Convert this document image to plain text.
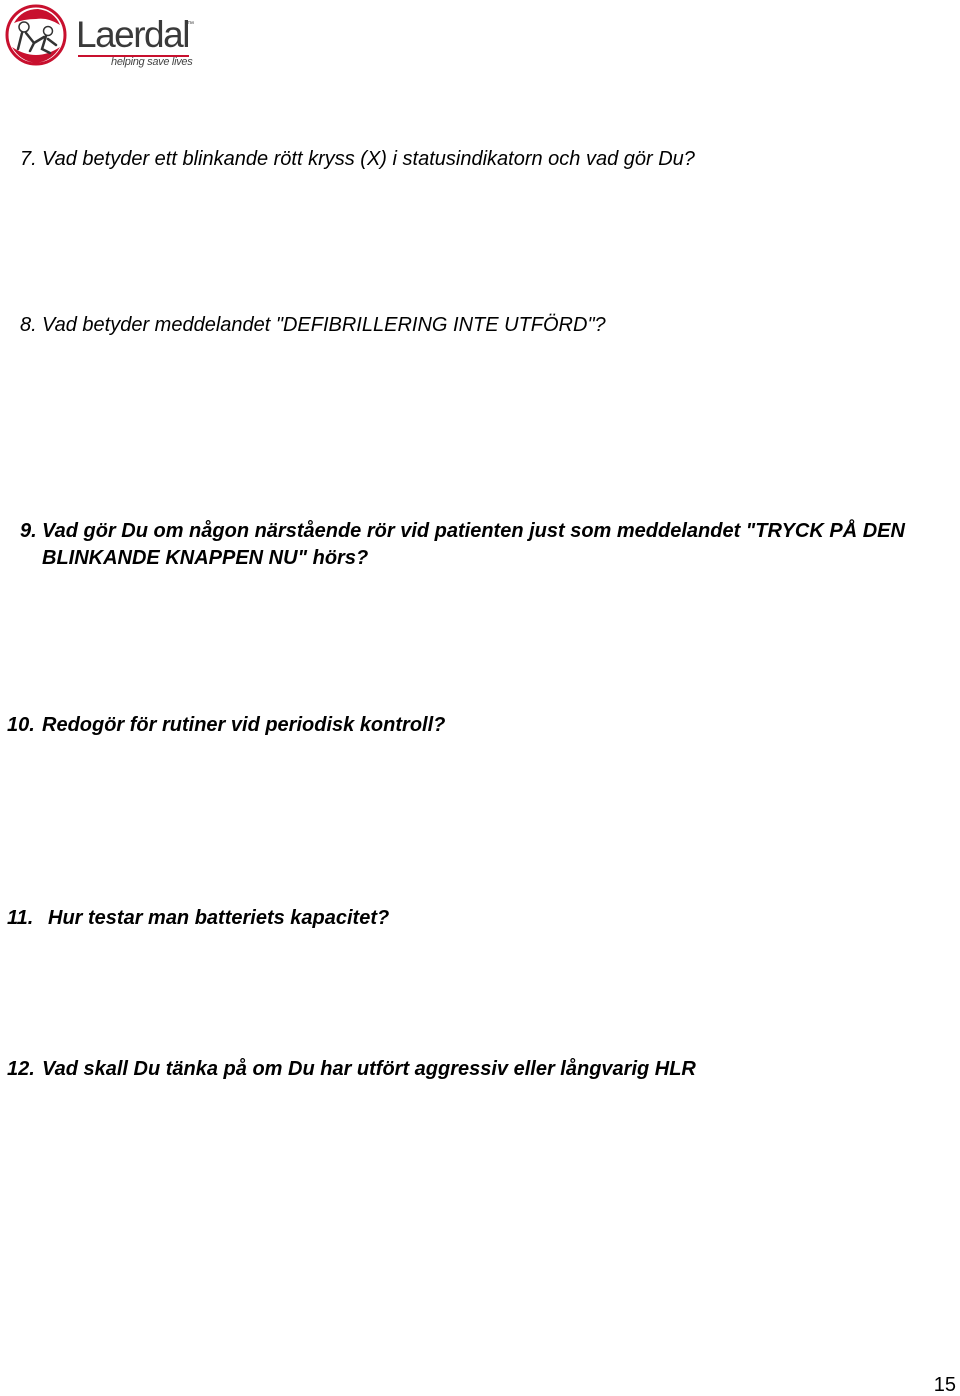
Laerdal
™
helping save lives
7. Vad betyder ett blinkande rött kryss (X) i statusindikatorn och vad gör Du?
8. Vad betyder meddelandet "DEFIBRILLERING INTE UTFÖRD"?
9. Vad gör Du om någon närstående rör vid patienten just som meddelandet "TRYCK PÅ DEN BLINKANDE KNAPPEN NU" hörs?
10. Redogör för rutiner vid periodisk kontroll?
11. Hur testar man batteriets kapacitet?
12. Vad skall Du tänka på om Du har utfört aggressiv eller långvarig HLR
15
